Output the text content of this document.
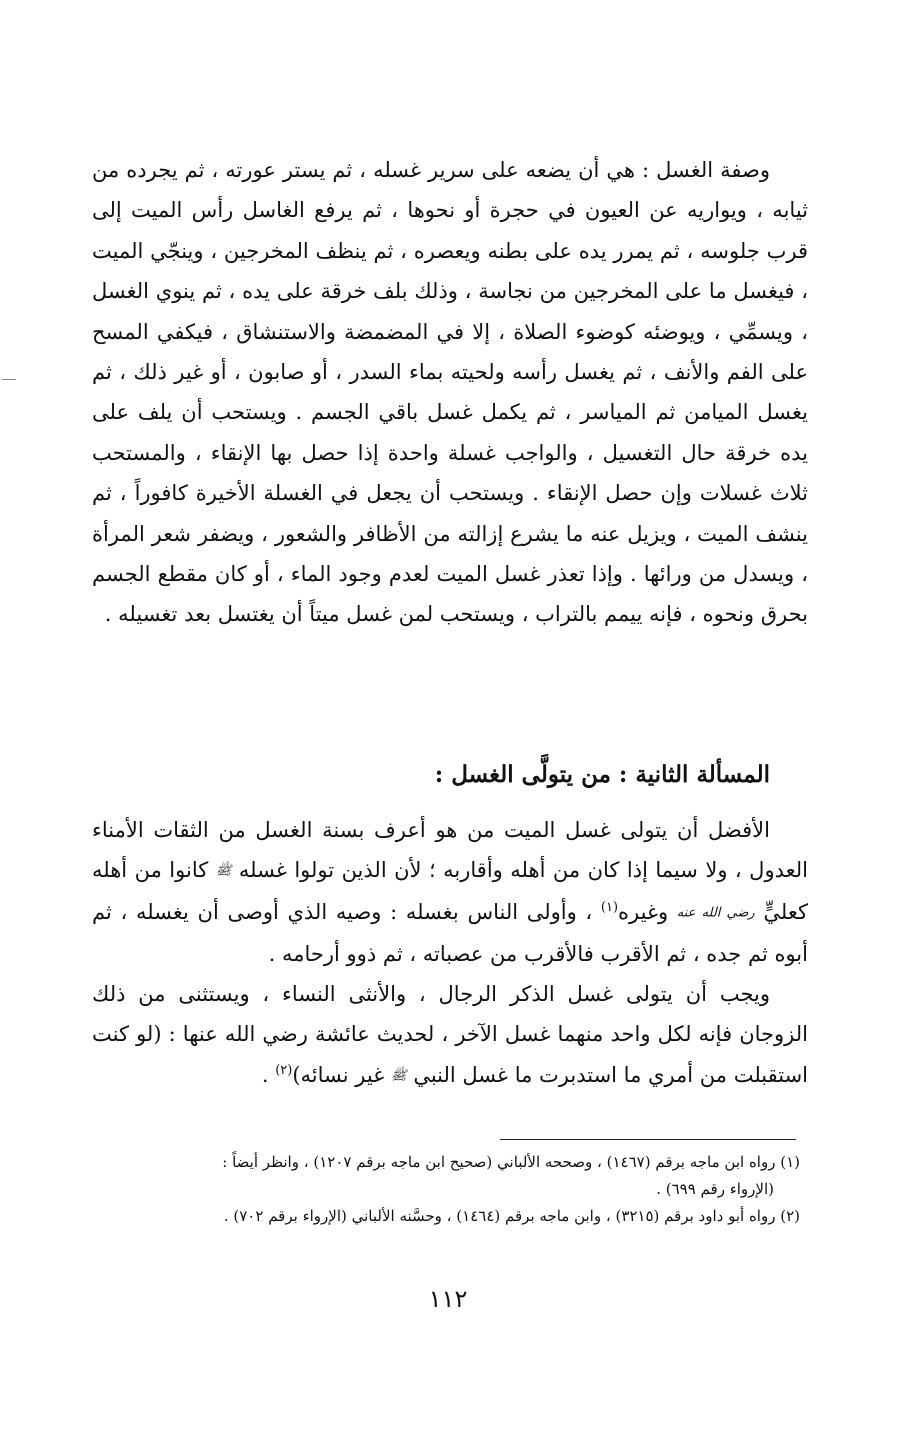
وصفة الغسل : هي أن يضعه على سرير غسله ، ثم يستر عورته ، ثم يجرده من ثيابه ، ويواريه عن العيون في حجرة أو نحوها ، ثم يرفع الغاسل رأس الميت إلى قرب جلوسه ، ثم يمرر يده على بطنه ويعصره ، ثم ينظف المخرجين ، وينجّي الميت ، فيغسل ما على المخرجين من نجاسة ، وذلك بلف خرقة على يده ، ثم ينوي الغسل ، ويسمِّي ، ويوضئه كوضوء الصلاة ، إلا في المضمضة والاستنشاق ، فيكفي المسح على الفم والأنف ، ثم يغسل رأسه ولحيته بماء السدر ، أو صابون ، أو غير ذلك ، ثم يغسل الميامن ثم المياسر ، ثم يكمل غسل باقي الجسم . ويستحب أن يلف على يده خرقة حال التغسيل ، والواجب غسلة واحدة إذا حصل بها الإنقاء ، والمستحب ثلاث غسلات وإن حصل الإنقاء . ويستحب أن يجعل في الغسلة الأخيرة كافوراً ، ثم ينشف الميت ، ويزيل عنه ما يشرع إزالته من الأظافر والشعور ، ويضفر شعر المرأة ، ويسدل من ورائها . وإذا تعذر غسل الميت لعدم وجود الماء ، أو كان مقطع الجسم بحرق ونحوه ، فإنه ييمم بالتراب ، ويستحب لمن غسل ميتاً أن يغتسل بعد تغسيله .

المسألة الثانية : من يتولَّى الغسل :

الأفضل أن يتولى غسل الميت من هو أعرف بسنة الغسل من الثقات الأمناء العدول ، ولا سيما إذا كان من أهله وأقاربه ؛ لأن الذين تولوا غسله ﷺ كانوا من أهله كعليٍّ رضي الله عنه وغيره$^{(١)}$ ، وأولى الناس بغسله : وصيه الذي أوصى أن يغسله ، ثم أبوه ثم جده ، ثم الأقرب فالأقرب من عصباته ، ثم ذوو أرحامه .

ويجب أن يتولى غسل الذكر الرجال ، والأنثى النساء ، ويستثنى من ذلك الزوجان فإنه لكل واحد منهما غسل الآخر ، لحديث عائشة رضي الله عنها : (لو كنت استقبلت من أمري ما استدبرت ما غسل النبي ﷺ غير نسائه)$^{(٢)}$ .

(١) رواه ابن ماجه برقم (١٤٦٧) ، وصححه الألباني (صحيح ابن ماجه برقم ١٢٠٧) ، وانظر أيضاً :

(الإرواء رقم ٦٩٩) .

(٢) رواه أبو داود برقم (٣٢١٥) ، وابن ماجه برقم (١٤٦٤) ، وحسَّنه الألباني (الإرواء برقم ٧٠٢) .

١١٢
